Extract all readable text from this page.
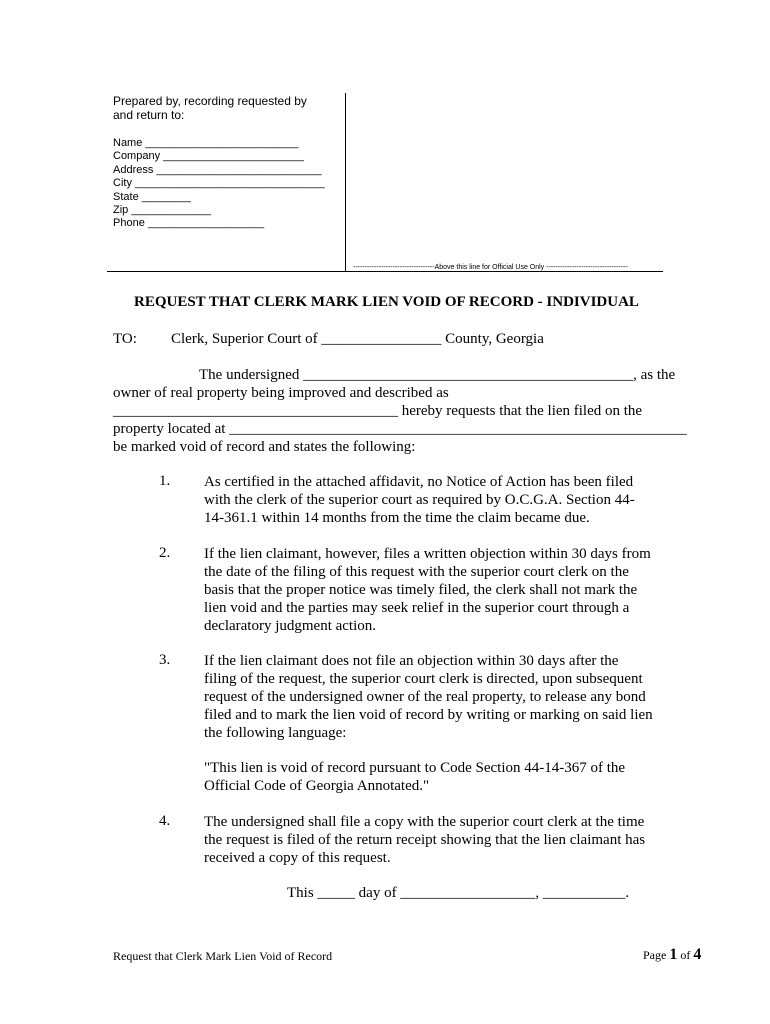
Prepared by, recording requested by
and return to:
Name _________________________
Company _______________________
Address ___________________________
City _______________________________
State ________
Zip _____________
Phone ___________________
-----------------------------------Above this line for Official Use Only -----------------------------------
REQUEST THAT CLERK MARK LIEN VOID OF RECORD - INDIVIDUAL
TO: Clerk, Superior Court of ________________ County, Georgia
The undersigned ____________________________________________, as the
owner of real property being improved and described as
______________________________________ hereby requests that the lien filed on the
property located at _____________________________________________________________
be marked void of record and states the following:
1. As certified in the attached affidavit, no Notice of Action has been filed
with the clerk of the superior court as required by O.C.G.A. Section 44-
14-361.1 within 14 months from the time the claim became due.
2. If the lien claimant, however, files a written objection within 30 days from
the date of the filing of this request with the superior court clerk on the
basis that the proper notice was timely filed, the clerk shall not mark the
lien void and the parties may seek relief in the superior court through a
declaratory judgment action.
3. If the lien claimant does not file an objection within 30 days after the
filing of the request, the superior court clerk is directed, upon subsequent
request of the undersigned owner of the real property, to release any bond
filed and to mark the lien void of record by writing or marking on said lien
the following language:
"This lien is void of record pursuant to Code Section 44-14-367 of the
Official Code of Georgia Annotated."
4. The undersigned shall file a copy with the superior court clerk at the time
the request is filed of the return receipt showing that the lien claimant has
received a copy of this request.
This _____ day of __________________, ___________.
Request that Clerk Mark Lien Void of Record	Page 1 of 4
